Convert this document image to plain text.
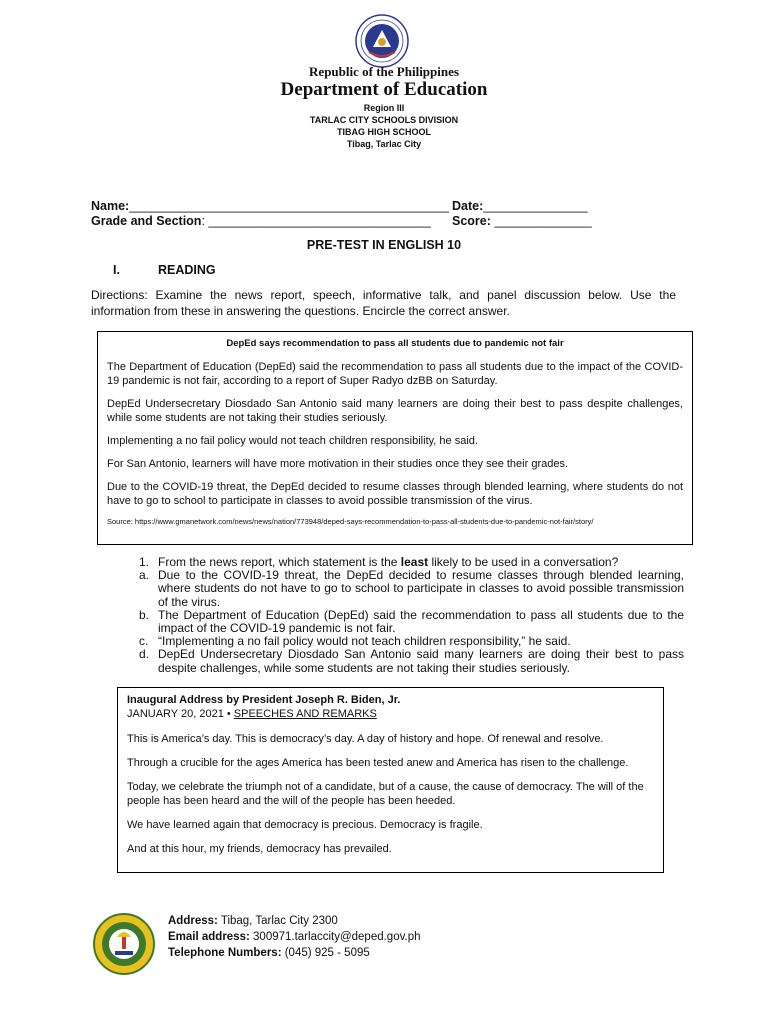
Republic of the Philippines
Department of Education
Region III
TARLAC CITY SCHOOLS DIVISION
TIBAG HIGH SCHOOL
Tibag, Tarlac City
Name:______________________________________________
Grade and Section: ________________________________
Date:_______________
Score: ______________
PRE-TEST IN ENGLISH 10
I.	READING
Directions: Examine the news report, speech, informative talk, and panel discussion below. Use the information from these in answering the questions. Encircle the correct answer.
DepEd says recommendation to pass all students due to pandemic not fair

The Department of Education (DepEd) said the recommendation to pass all students due to the impact of the COVID-19 pandemic is not fair, according to a report of Super Radyo dzBB on Saturday.

DepEd Undersecretary Diosdado San Antonio said many learners are doing their best to pass despite challenges, while some students are not taking their studies seriously.

Implementing a no fail policy would not teach children responsibility, he said.

For San Antonio, learners will have more motivation in their studies once they see their grades.

Due to the COVID-19 threat, the DepEd decided to resume classes through blended learning, where students do not have to go to school to participate in classes to avoid possible transmission of the virus.

Source: https://www.gmanetwork.com/news/news/nation/773948/deped-says-recommendation-to-pass-all-students-due-to-pandemic-not-fair/story/
1. From the news report, which statement is the least likely to be used in a conversation?
a. Due to the COVID-19 threat, the DepEd decided to resume classes through blended learning, where students do not have to go to school to participate in classes to avoid possible transmission of the virus.
b. The Department of Education (DepEd) said the recommendation to pass all students due to the impact of the COVID-19 pandemic is not fair.
c. “Implementing a no fail policy would not teach children responsibility,” he said.
d. DepEd Undersecretary Diosdado San Antonio said many learners are doing their best to pass despite challenges, while some students are not taking their studies seriously.
Inaugural Address by President Joseph R. Biden, Jr.
JANUARY 20, 2021 • SPEECHES AND REMARKS

This is America’s day. This is democracy’s day. A day of history and hope. Of renewal and resolve.

Through a crucible for the ages America has been tested anew and America has risen to the challenge.

Today, we celebrate the triumph not of a candidate, but of a cause, the cause of democracy. The will of the people has been heard and the will of the people has been heeded.

We have learned again that democracy is precious. Democracy is fragile.

And at this hour, my friends, democracy has prevailed.

Address: Tibag, Tarlac City 2300
Email address: 300971.tarlaccity@deped.gov.ph
Telephone Numbers: (045) 925 - 5095
